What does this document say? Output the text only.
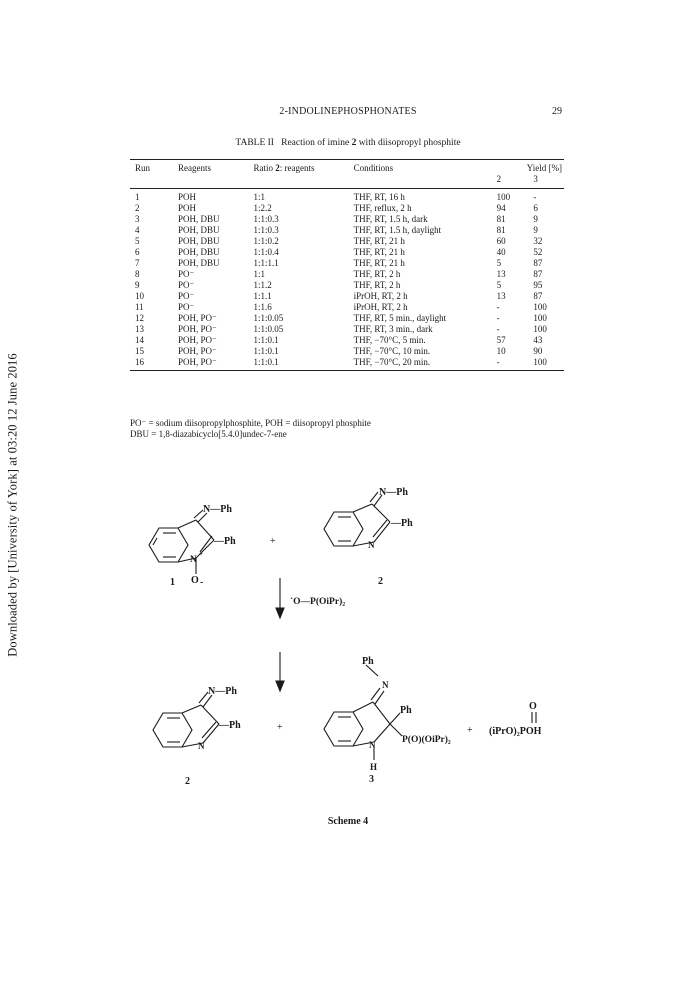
Downloaded by [University of York] at 03:20 12 June 2016
2-INDOLINEPHOSPHONATES	29
TABLE II Reaction of imine 2 with diisopropyl phosphite
Run	Reagents	Ratio 2: reagents	Conditions	Yield [%]	
				2	3
1	POH	1:1	THF, RT, 16 h	100	-
2	POH	1:2.2	THF, reflux, 2 h	94	6
3	POH, DBU	1:1:0.3	THF, RT, 1.5 h, dark	81	9
4	POH, DBU	1:1:0.3	THF, RT, 1.5 h, daylight	81	9
5	POH, DBU	1:1:0.2	THF, RT, 21 h	60	32
6	POH, DBU	1:1:0.4	THF, RT, 21 h	40	52
7	POH, DBU	1:1:1.1	THF, RT, 21 h	5	87
8	PO⁻	1:1	THF, RT, 2 h	13	87
9	PO⁻	1:1.2	THF, RT, 2 h	5	95
10	PO⁻	1:1.1	iPrOH, RT, 2 h	13	87
11	PO⁻	1:1.6	iPrOH, RT, 2 h	-	100
12	POH, PO⁻	1:1:0.05	THF, RT, 5 min., daylight	-	100
13	POH, PO⁻	1:1:0.05	THF, RT, 3 min., dark	-	100
14	POH, PO⁻	1:1:0.1	THF, −70°C, 5 min.	57	43
15	POH, PO⁻	1:1:0.1	THF, −70°C, 10 min.	10	90
16	POH, PO⁻	1:1:0.1	THF, −70°C, 20 min.	-	100
PO⁻ = sodium diisopropylphosphite, POH = diisopropyl phosphite
DBU = 1,8-diazabicyclo[5.4.0]undec-7-ene
N—Ph
—Ph
N +
O -
1
+
N—Ph
—Ph
N
2
˙O—P(OiPr)₂
N—Ph
—Ph
N
2
+
Ph
N
Ph
N
H
P(O)(OiPr)₂
3
+
O
(iPrO)₂POH
Scheme 4
